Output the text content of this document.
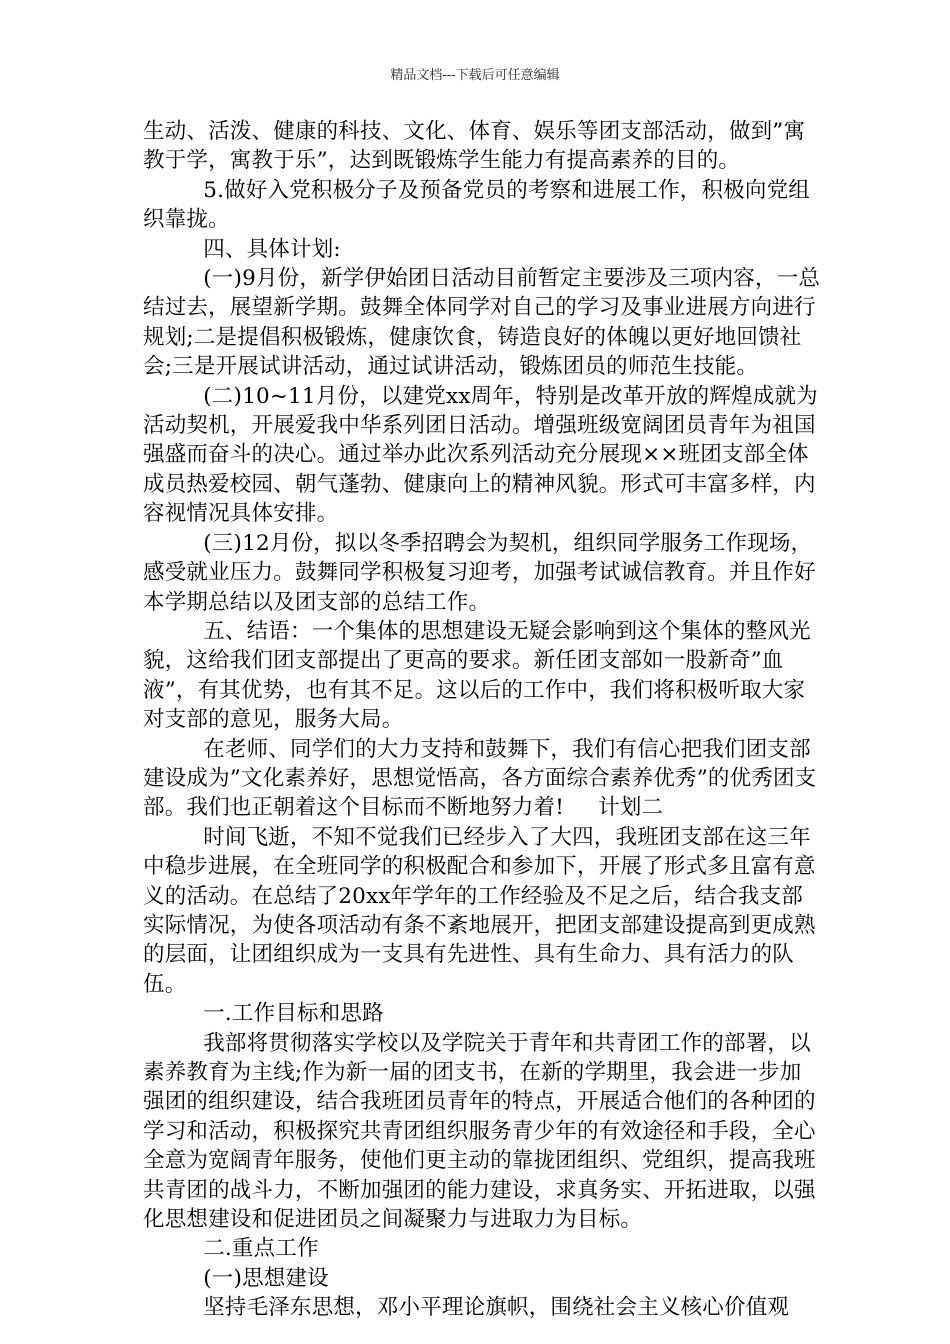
精品文档---下载后可任意编辑

生动、活泼、健康的科技、文化、体育、娱乐等团支部活动，做到”寓教于学，寓教于乐”，达到既锻炼学生能力有提高素养的目的。

5.做好入党积极分子及预备党员的考察和进展工作，积极向党组织靠拢。

四、具体计划:

(一)9月份，新学伊始团日活动目前暂定主要涉及三项内容，一总结过去，展望新学期。鼓舞全体同学对自己的学习及事业进展方向进行规划;二是提倡积极锻炼，健康饮食，铸造良好的体魄以更好地回馈社会;三是开展试讲活动，通过试讲活动，锻炼团员的师范生技能。

(二)10~11月份，以建党xx周年，特别是改革开放的辉煌成就为活动契机，开展爱我中华系列团日活动。增强班级宽阔团员青年为祖国强盛而奋斗的决心。通过举办此次系列活动充分展现××班团支部全体成员热爱校园、朝气蓬勃、健康向上的精神风貌。形式可丰富多样，内容视情况具体安排。

(三)12月份，拟以冬季招聘会为契机，组织同学服务工作现场，感受就业压力。鼓舞同学积极复习迎考，加强考试诚信教育。并且作好本学期总结以及团支部的总结工作。

五、结语：一个集体的思想建设无疑会影响到这个集体的整风光貌，这给我们团支部提出了更高的要求。新任团支部如一股新奇”血液”，有其优势，也有其不足。这以后的工作中，我们将积极听取大家对支部的意见，服务大局。

在老师、同学们的大力支持和鼓舞下，我们有信心把我们团支部建设成为”文化素养好，思想觉悟高，各方面综合素养优秀”的优秀团支部。我们也正朝着这个目标而不断地努力着! 计划二

时间飞逝，不知不觉我们已经步入了大四，我班团支部在这三年中稳步进展，在全班同学的积极配合和参加下，开展了形式多且富有意义的活动。在总结了20xx年学年的工作经验及不足之后，结合我支部实际情况，为使各项活动有条不紊地展开，把团支部建设提高到更成熟的层面，让团组织成为一支具有先进性、具有生命力、具有活力的队伍。

一.工作目标和思路

我部将贯彻落实学校以及学院关于青年和共青团工作的部署，以素养教育为主线;作为新一届的团支书，在新的学期里，我会进一步加强团的组织建设，结合我班团员青年的特点，开展适合他们的各种团的学习和活动，积极探究共青团组织服务青少年的有效途径和手段，全心全意为宽阔青年服务，使他们更主动的靠拢团组织、党组织，提高我班共青团的战斗力，不断加强团的能力建设，求真务实、开拓进取，以强化思想建设和促进团员之间凝聚力与进取力为目标。

二.重点工作

(一)思想建设

坚持毛泽东思想，邓小平理论旗帜，围绕社会主义核心价值观
